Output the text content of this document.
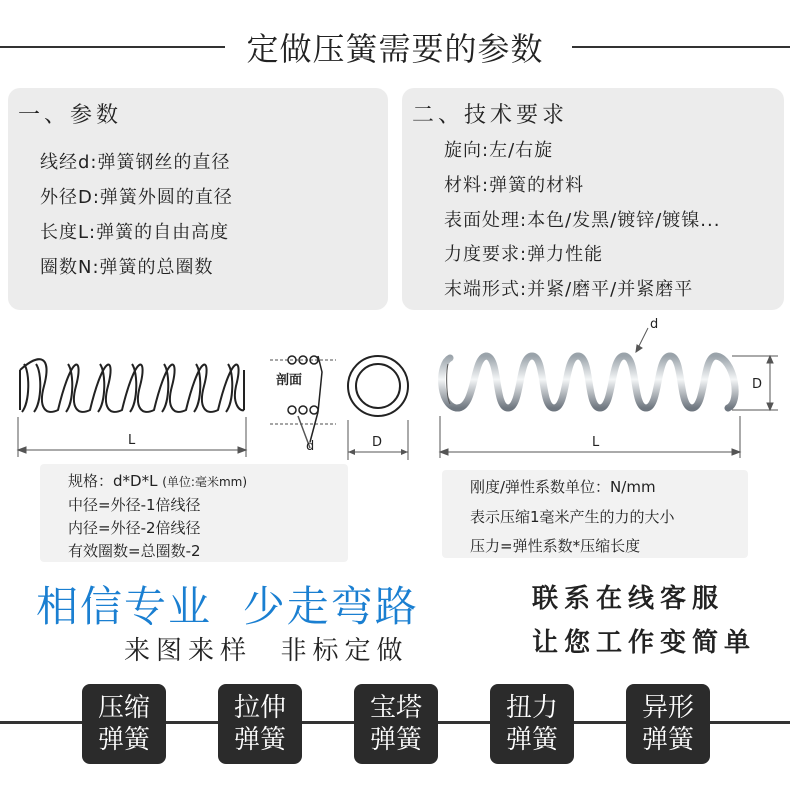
定做压簧需要的参数
一、参数
线经d:弹簧钢丝的直径
外径D:弹簧外圆的直径
长度L:弹簧的自由高度
圈数N:弹簧的总圈数
二、技术要求
旋向:左/右旋
材料:弹簧的材料
表面处理:本色/发黑/镀锌/镀镍...
力度要求:弹力性能
末端形式:并紧/磨平/并紧磨平
L
剖面
d	D
d
D
L
规格：d*D*L (单位:毫米mm)
中径=外径-1倍线径
内径=外径-2倍线径
有效圈数=总圈数-2
刚度/弹性系数单位：N/mm
表示压缩1毫米产生的力的大小
压力=弹性系数*压缩长度
相信专业  少走弯路
来图来样  非标定做
联系在线客服
让您工作变简单
压缩
弹簧
拉伸
弹簧
宝塔
弹簧
扭力
弹簧
异形
弹簧
